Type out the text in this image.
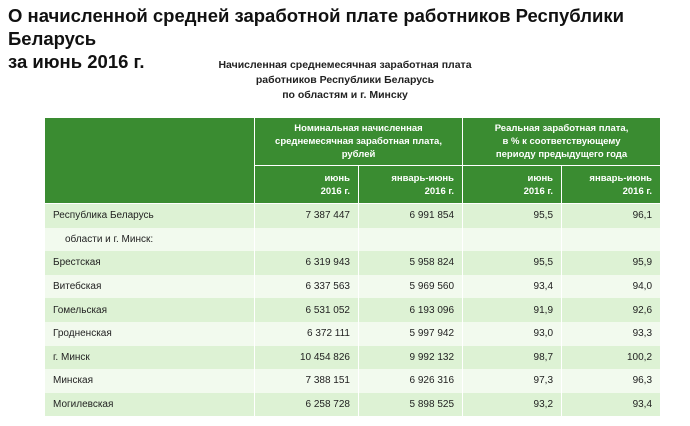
О начисленной средней заработной плате работников Республики Беларусь
за июнь 2016 г.	Начисленная среднемесячная заработная плата
работников Республики Беларусь
по областям и г. Минску
	Номинальная начисленная
среднемесячная заработная плата,
рублей		Реальная заработная плата,
в % к соответствующему
периоду предыдущего года	
	июнь
2016 г.	январь-июнь
2016 г.	июнь
2016 г.	январь-июнь
2016 г.
Республика Беларусь	7 387 447	6 991 854	95,5	96,1
области и г. Минск:				
Брестская	6 319 943	5 958 824	95,5	95,9
Витебская	6 337 563	5 969 560	93,4	94,0
Гомельская	6 531 052	6 193 096	91,9	92,6
Гродненская	6 372 111	5 997 942	93,0	93,3
г. Минск	10 454 826	9 992 132	98,7	100,2
Минская	7 388 151	6 926 316	97,3	96,3
Могилевская	6 258 728	5 898 525	93,2	93,4
